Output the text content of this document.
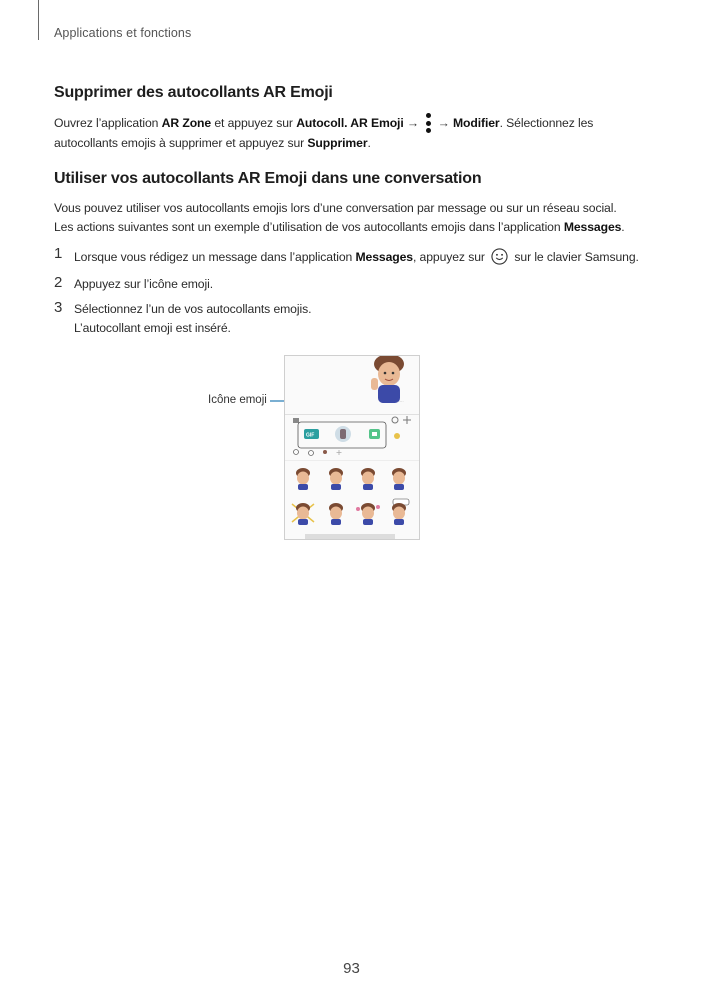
Applications et fonctions
Supprimer des autocollants AR Emoji
Ouvrez l’application AR Zone et appuyez sur Autocoll. AR Emoji →
→ Modifier. Sélectionnez les
autocollants emojis à supprimer et appuyez sur Supprimer.
Utiliser vos autocollants AR Emoji dans une conversation
Vous pouvez utiliser vos autocollants emojis lors d’une conversation par message ou sur un réseau social.
Les actions suivantes sont un exemple d’utilisation de vos autocollants emojis dans l’application Messages.
1 Lorsque vous rédigez un message dans l’application Messages, appuyez sur  sur le clavier Samsung.
2 Appuyez sur l’icône emoji.
3 Sélectionnez l’un de vos autocollants emojis.
L’autocollant emoji est inséré.
Icône emoji	·····
GIF
93
